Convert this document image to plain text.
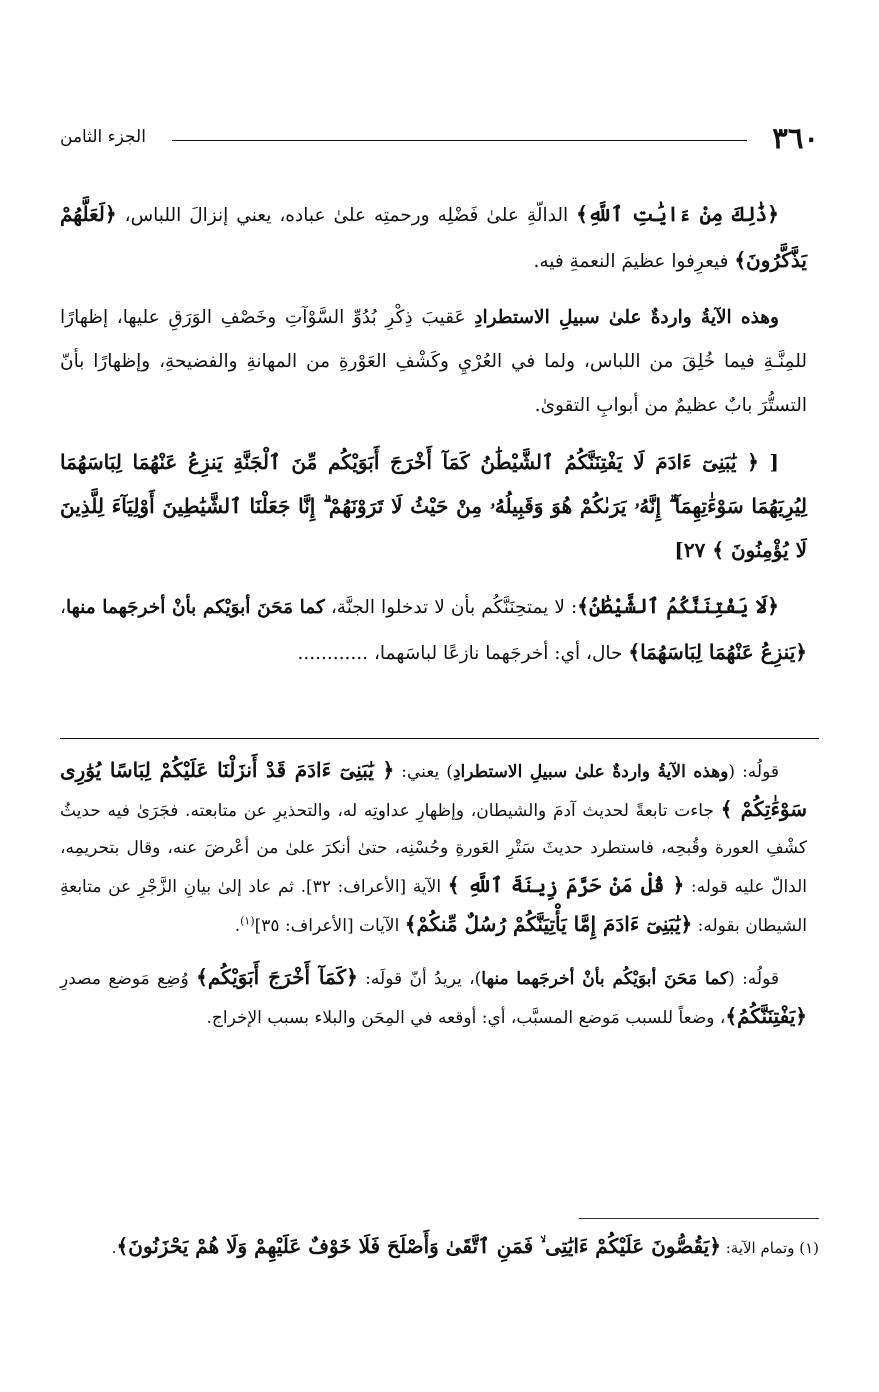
٣٦٠
الجزء الثامن

﴿ذَٰلِكَ مِنْ ءَايَٰتِ ٱللَّهِ﴾ الدالّةِ علىٰ فَضْلِه ورحمتِه علىٰ عباده، يعني إنزالَ اللباس، ﴿لَعَلَّهُمْ يَذَّكَّرُونَ﴾ فيعرِفوا عظيمَ النعمةِ فيه.

وهذه الآيةُ واردةٌ علىٰ سبيلِ الاستطرادِ عَقيبَ ذِكْرِ بُدُوِّ السَّوْآتِ وخَصْفِ الوَرَقِ عليها، إظهارًا للمِنَّـةِ فيما خُلِقَ من اللباس، ولما في العُرْيِ وكَشْفِ العَوْرةِ من المهانةِ والفضيحةِ، وإظهارًا بأنّ التستُّرَ بابٌ عظيمٌ من أبوابِ التقوىٰ.

[ ﴿ يَٰبَنِىٓ ءَادَمَ لَا يَفْتِنَنَّكُمُ ٱلشَّيْطَٰنُ كَمَآ أَخْرَجَ أَبَوَيْكُم مِّنَ ٱلْجَنَّةِ يَنزِعُ عَنْهُمَا لِبَاسَهُمَا لِيُرِيَهُمَا سَوْءَٰتِهِمَآ ۗ إِنَّهُۥ يَرَىٰكُمْ هُوَ وَقَبِيلُهُۥ مِنْ حَيْثُ لَا تَرَوْنَهُمْ ۗ إِنَّا جَعَلْنَا ٱلشَّيَٰطِينَ أَوْلِيَآءَ لِلَّذِينَ لَا يُؤْمِنُونَ ﴾ ٢٧]

﴿لَا يَفْتِنَنَّكُمُ ٱلشَّيْطَٰنُ﴾: لا يمتحِنَنَّكُم بأن لا تدخلوا الجنَّة، كما مَحَنَ أبوَيْكم بأنْ أخرجَهما منها، ﴿يَنزِعُ عَنْهُمَا لِبَاسَهُمَا﴾ حال، أي: أخرجَهما نازعًا لباسَهما، ............

قولُه: (وهذه الآيةُ واردةٌ علىٰ سبيلِ الاستطرادِ) يعني: ﴿ يَٰبَنِىٓ ءَادَمَ قَدْ أَنزَلْنَا عَلَيْكُمْ لِبَاسًا يُوَٰرِى سَوْءَٰتِكُمْ ﴾ جاءت تابعةً لحديث آدمَ والشيطان، وإظهارِ عداوتِه له، والتحذيرِ عن متابعته. فجَرَىٰ فيه حديثُ كشْفِ العورة وقُبحِه، فاستطرد حديثَ سَتْرِ العَورةِ وحُسْنِه، حتىٰ أنكرَ علىٰ من أعْرضَ عنه، وقال بتحريمِه، الدالّ عليه قوله: ﴿ قُلْ مَنْ حَرَّمَ زِينَةَ ٱللَّهِ ﴾ الآية [الأعراف: ٣٢]. ثم عاد إلىٰ بيانِ الزَّجْرِ عن متابعةِ الشيطان بقوله: ﴿يَٰبَنِىٓ ءَادَمَ إِمَّا يَأْتِيَنَّكُمْ رُسُلٌ مِّنكُمْ﴾ الآيات [الأعراف: ٣٥]$^{(١)}$.

قولُه: (كما مَحَنَ أبوَيْكُم بأنْ أخرجَهما منها)، يريدُ أنّ قولَه: ﴿كَمَآ أَخْرَجَ أَبَوَيْكُم﴾ وُضِع مَوضع مصدرِ ﴿يَفْتِنَنَّكُمُ﴾، وضعاً للسبب مَوضع المسبَّب، أي: أوقعه في المِحَن والبلاء بسبب الإخراج.

(١) وتمام الآية: ﴿يَقُصُّونَ عَلَيْكُمْ ءَايَٰتِى ۙ فَمَنِ ٱتَّقَىٰ وَأَصْلَحَ فَلَا خَوْفٌ عَلَيْهِمْ وَلَا هُمْ يَحْزَنُونَ﴾.
